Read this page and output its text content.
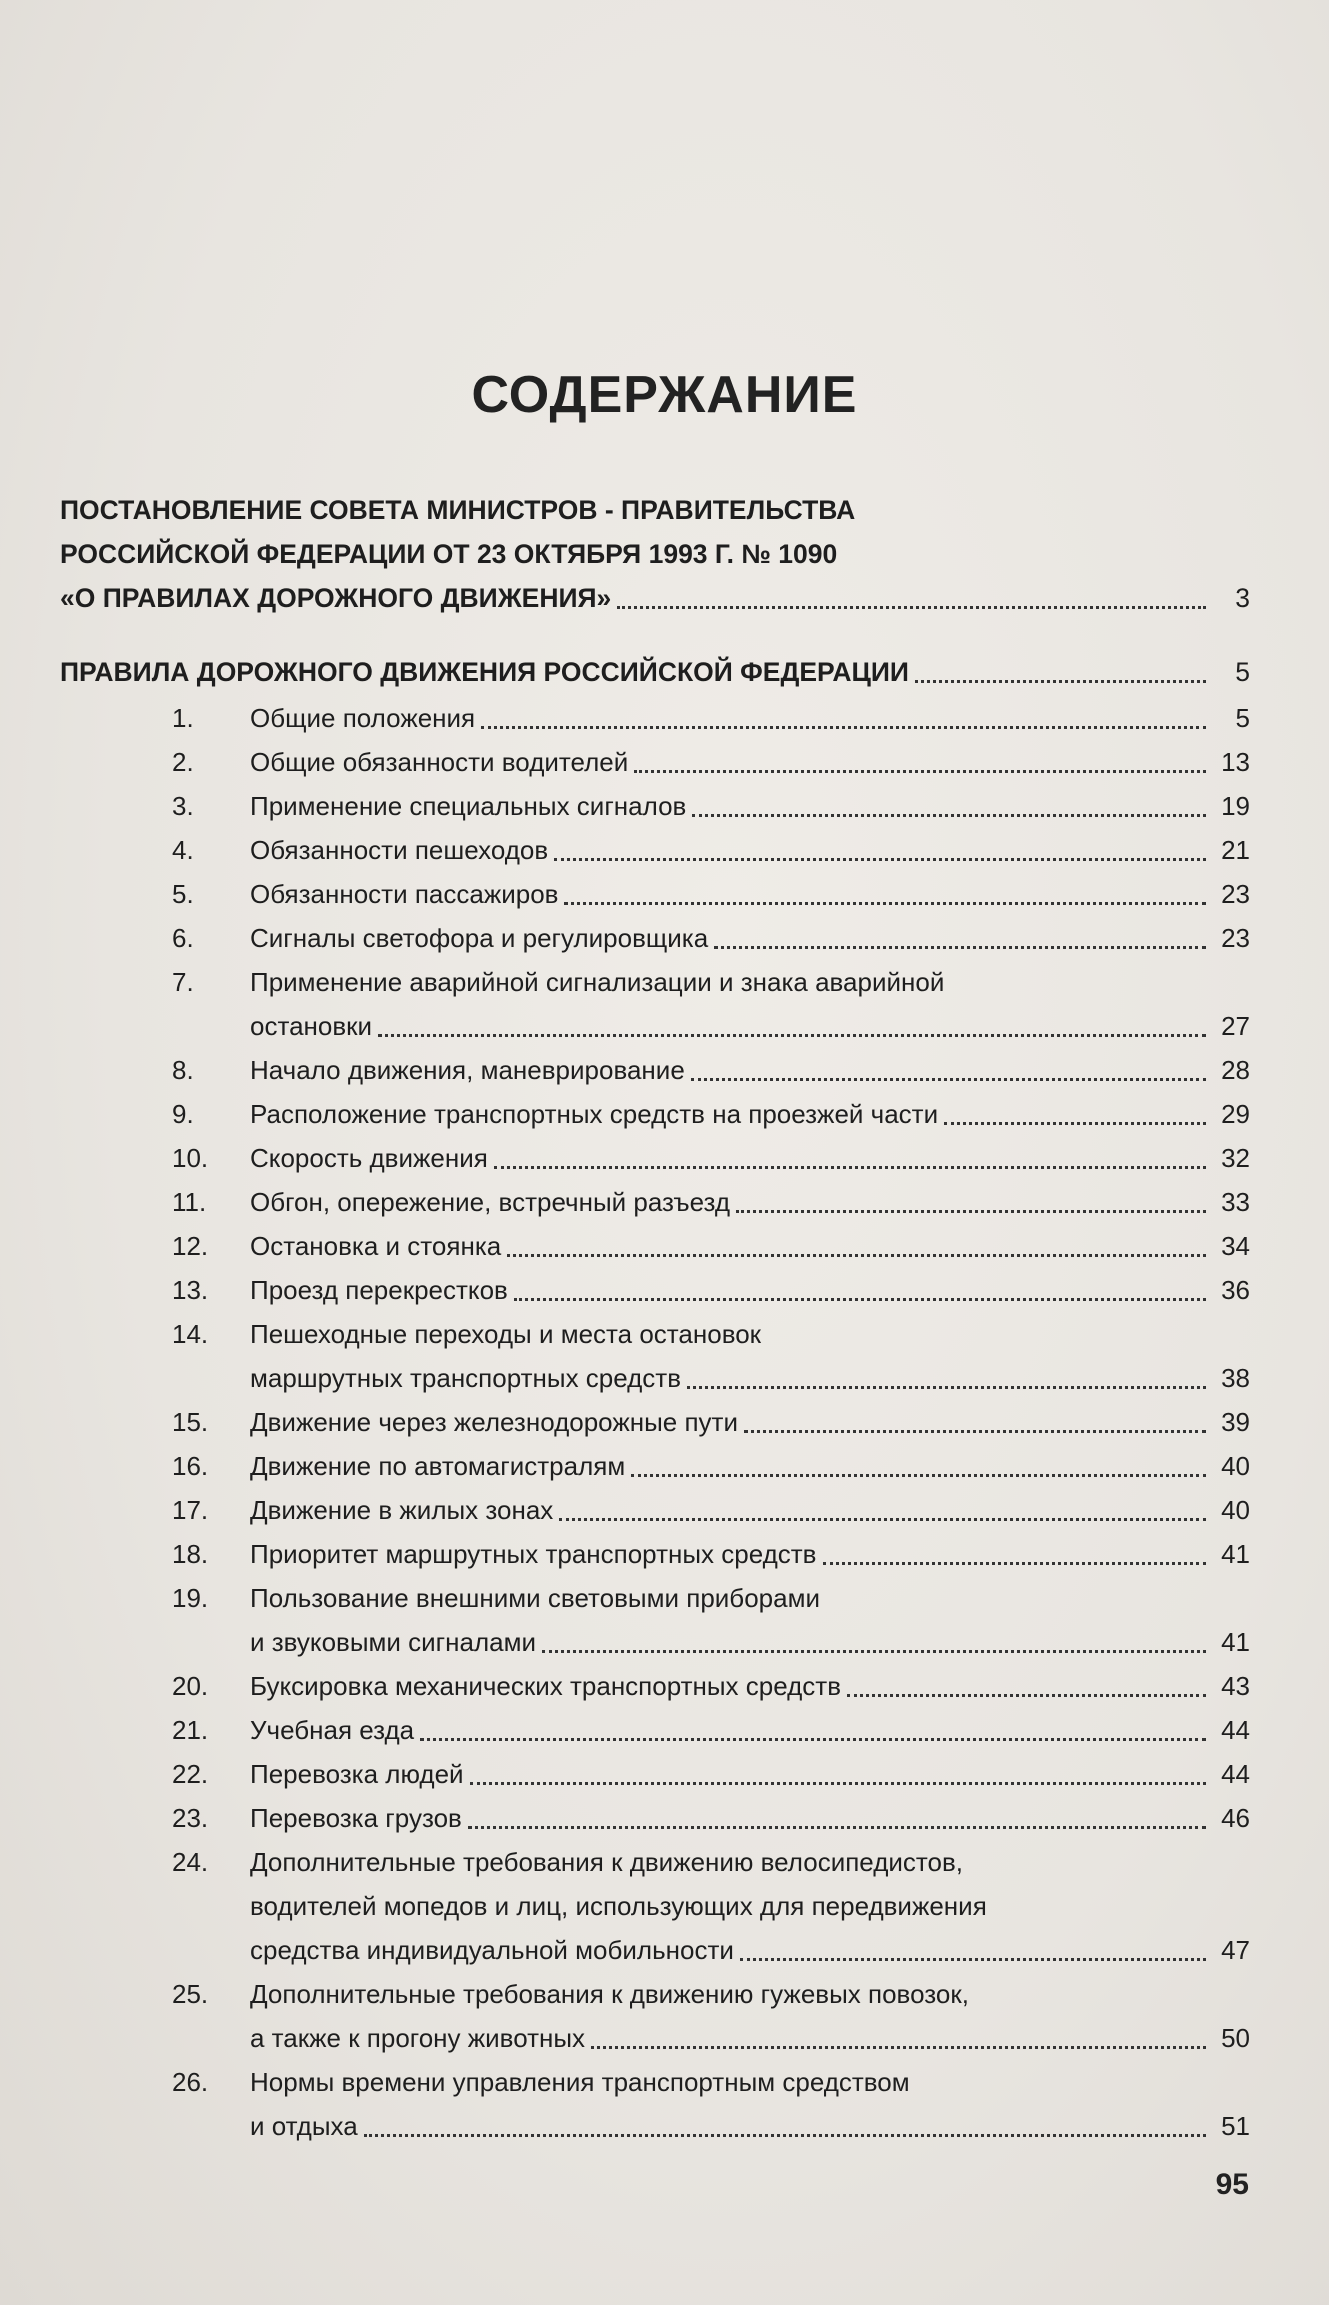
СОДЕРЖАНИЕ
ПОСТАНОВЛЕНИЕ СОВЕТА МИНИСТРОВ - ПРАВИТЕЛЬСТВА
РОССИЙСКОЙ ФЕДЕРАЦИИ ОТ 23 ОКТЯБРЯ 1993 Г. № 1090
«О ПРАВИЛАХ ДОРОЖНОГО ДВИЖЕНИЯ»	3
ПРАВИЛА ДОРОЖНОГО ДВИЖЕНИЯ РОССИЙСКОЙ ФЕДЕРАЦИИ	5
1.	Общие положения	5
2.	Общие обязанности водителей	13
3.	Применение специальных сигналов	19
4.	Обязанности пешеходов	21
5.	Обязанности пассажиров	23
6.	Сигналы светофора и регулировщика	23
7.	Применение аварийной сигнализации и знака аварийной
остановки	27
8.	Начало движения, маневрирование	28
9.	Расположение транспортных средств на проезжей части	29
10.	Скорость движения	32
11.	Обгон, опережение, встречный разъезд	33
12.	Остановка и стоянка	34
13.	Проезд перекрестков	36
14.	Пешеходные переходы и места остановок
маршрутных транспортных средств	38
15.	Движение через железнодорожные пути	39
16.	Движение по автомагистралям	40
17.	Движение в жилых зонах	40
18.	Приоритет маршрутных транспортных средств	41
19.	Пользование внешними световыми приборами
и звуковыми сигналами	41
20.	Буксировка механических транспортных средств	43
21.	Учебная езда	44
22.	Перевозка людей	44
23.	Перевозка грузов	46
24.	Дополнительные требования к движению велосипедистов,
водителей мопедов и лиц, использующих для передвижения
средства индивидуальной мобильности	47
25.	Дополнительные требования к движению гужевых повозок,
а также к прогону животных	50
26.	Нормы времени управления транспортным средством
и отдыха	51
95
